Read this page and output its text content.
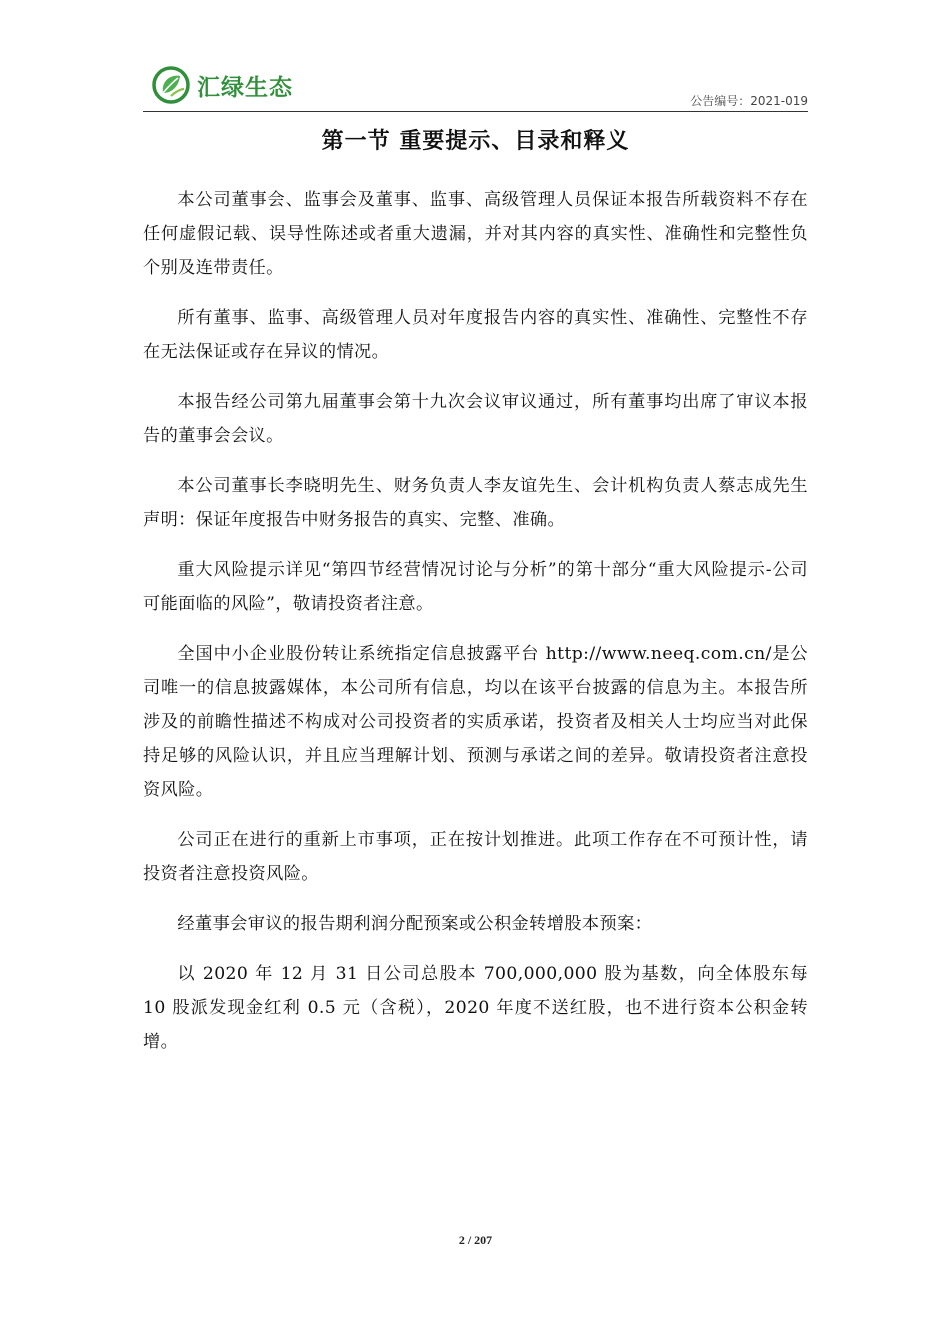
汇绿生态
公告编号：2021-019
第一节 重要提示、目录和释义

本公司董事会、监事会及董事、监事、高级管理人员保证本报告所载资料不存在任何虚假记载、误导性陈述或者重大遗漏，并对其内容的真实性、准确性和完整性负个别及连带责任。

所有董事、监事、高级管理人员对年度报告内容的真实性、准确性、完整性不存在无法保证或存在异议的情况。

本报告经公司第九届董事会第十九次会议审议通过，所有董事均出席了审议本报告的董事会会议。

本公司董事长李晓明先生、财务负责人李友谊先生、会计机构负责人蔡志成先生声明：保证年度报告中财务报告的真实、完整、准确。

重大风险提示详见“第四节经营情况讨论与分析”的第十部分“重大风险提示-公司可能面临的风险”，敬请投资者注意。

全国中小企业股份转让系统指定信息披露平台 http://www.neeq.com.cn/是公司唯一的信息披露媒体，本公司所有信息，均以在该平台披露的信息为主。本报告所涉及的前瞻性描述不构成对公司投资者的实质承诺，投资者及相关人士均应当对此保持足够的风险认识，并且应当理解计划、预测与承诺之间的差异。敬请投资者注意投资风险。

公司正在进行的重新上市事项，正在按计划推进。此项工作存在不可预计性，请投资者注意投资风险。

经董事会审议的报告期利润分配预案或公积金转增股本预案：

以 2020 年 12 月 31 日公司总股本 700,000,000 股为基数，向全体股东每 10 股派发现金红利 0.5 元（含税），2020 年度不送红股，也不进行资本公积金转增。

2 / 207
